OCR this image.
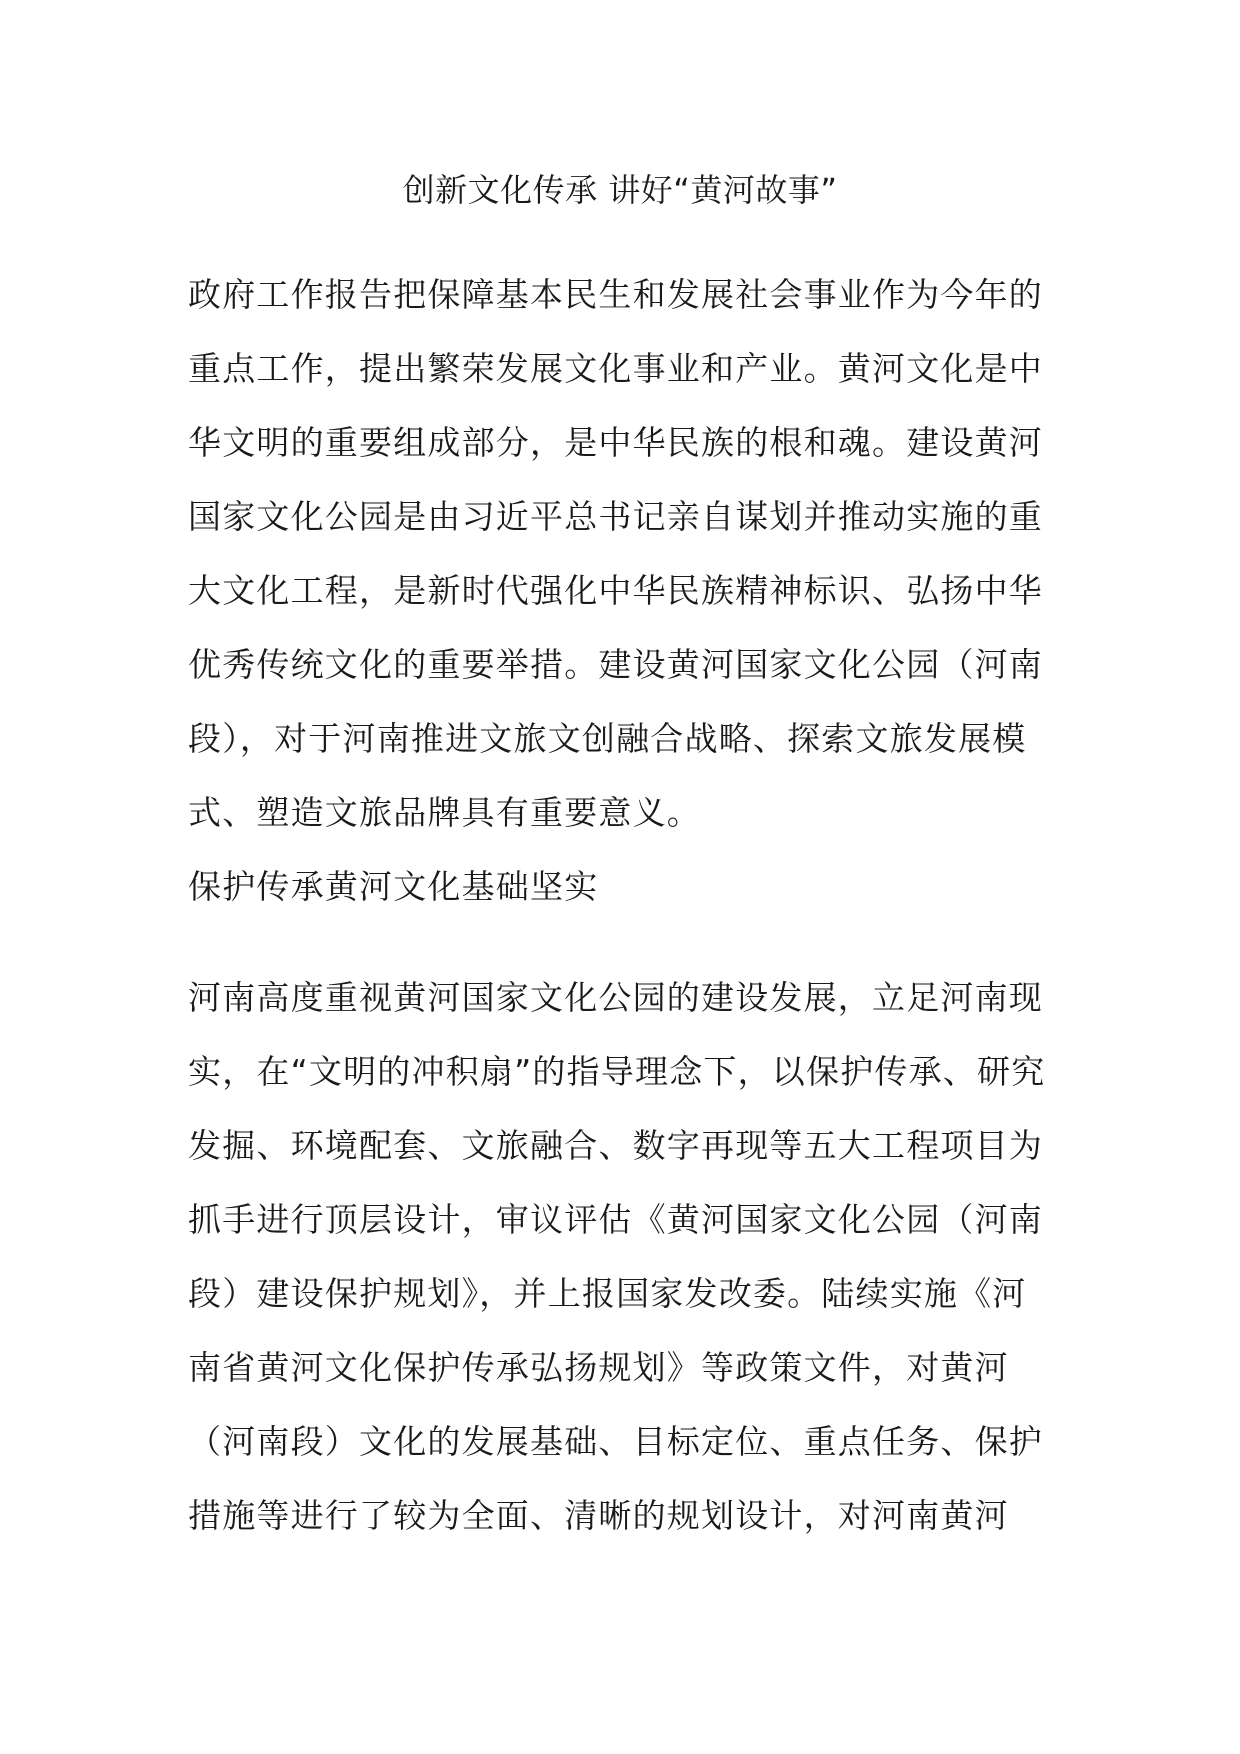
创新文化传承 讲好“黄河故事”

政府工作报告把保障基本民生和发展社会事业作为今年的重点工作，提出繁荣发展文化事业和产业。黄河文化是中华文明的重要组成部分，是中华民族的根和魂。建设黄河国家文化公园是由习近平总书记亲自谋划并推动实施的重大文化工程，是新时代强化中华民族精神标识、弘扬中华优秀传统文化的重要举措。建设黄河国家文化公园（河南段），对于河南推进文旅文创融合战略、探索文旅发展模式、塑造文旅品牌具有重要意义。

保护传承黄河文化基础坚实

河南高度重视黄河国家文化公园的建设发展，立足河南现实，在“文明的冲积扇”的指导理念下，以保护传承、研究发掘、环境配套、文旅融合、数字再现等五大工程项目为抓手进行顶层设计，审议评估《黄河国家文化公园（河南段）建设保护规划》，并上报国家发改委。陆续实施《河南省黄河文化保护传承弘扬规划》等政策文件，对黄河（河南段）文化的发展基础、目标定位、重点任务、保护措施等进行了较为全面、清晰的规划设计，对河南黄河
